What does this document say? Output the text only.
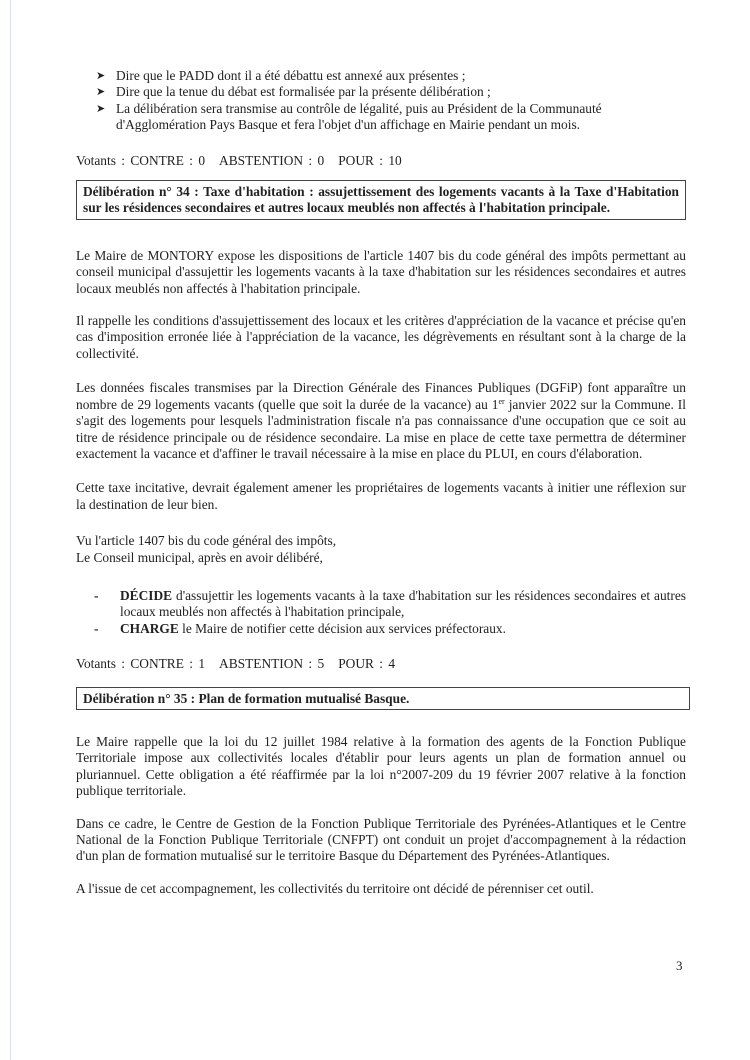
➤ Dire que le PADD dont il a été débattu est annexé aux présentes ;
➤ Dire que la tenue du débat est formalisée par la présente délibération ;
➤ La délibération sera transmise au contrôle de légalité, puis au Président de la Communauté d'Agglomération Pays Basque et fera l'objet d'un affichage en Mairie pendant un mois.

Votants : CONTRE : 0 ABSTENTION : 0 POUR : 10

Délibération n° 34 : Taxe d'habitation : assujettissement des logements vacants à la Taxe d'Habitation sur les résidences secondaires et autres locaux meublés non affectés à l'habitation principale.

Le Maire de MONTORY expose les dispositions de l'article 1407 bis du code général des impôts permettant au conseil municipal d'assujettir les logements vacants à la taxe d'habitation sur les résidences secondaires et autres locaux meublés non affectés à l'habitation principale.

Il rappelle les conditions d'assujettissement des locaux et les critères d'appréciation de la vacance et précise qu'en cas d'imposition erronée liée à l'appréciation de la vacance, les dégrèvements en résultant sont à la charge de la collectivité.

Les données fiscales transmises par la Direction Générale des Finances Publiques (DGFiP) font apparaître un nombre de 29 logements vacants (quelle que soit la durée de la vacance) au 1er janvier 2022 sur la Commune. Il s'agit des logements pour lesquels l'administration fiscale n'a pas connaissance d'une occupation que ce soit au titre de résidence principale ou de résidence secondaire. La mise en place de cette taxe permettra de déterminer exactement la vacance et d'affiner le travail nécessaire à la mise en place du PLUI, en cours d'élaboration.

Cette taxe incitative, devrait également amener les propriétaires de logements vacants à initier une réflexion sur la destination de leur bien.

Vu l'article 1407 bis du code général des impôts,

Le Conseil municipal, après en avoir délibéré,

- DÉCIDE d'assujettir les logements vacants à la taxe d'habitation sur les résidences secondaires et autres locaux meublés non affectés à l'habitation principale,
- CHARGE le Maire de notifier cette décision aux services préfectoraux.

Votants : CONTRE : 1 ABSTENTION : 5 POUR : 4

Délibération n° 35 : Plan de formation mutualisé Basque.

Le Maire rappelle que la loi du 12 juillet 1984 relative à la formation des agents de la Fonction Publique Territoriale impose aux collectivités locales d'établir pour leurs agents un plan de formation annuel ou pluriannuel. Cette obligation a été réaffirmée par la loi n°2007-209 du 19 février 2007 relative à la fonction publique territoriale.

Dans ce cadre, le Centre de Gestion de la Fonction Publique Territoriale des Pyrénées-Atlantiques et le Centre National de la Fonction Publique Territoriale (CNFPT) ont conduit un projet d'accompagnement à la rédaction d'un plan de formation mutualisé sur le territoire Basque du Département des Pyrénées-Atlantiques.

A l'issue de cet accompagnement, les collectivités du territoire ont décidé de pérenniser cet outil.

3
